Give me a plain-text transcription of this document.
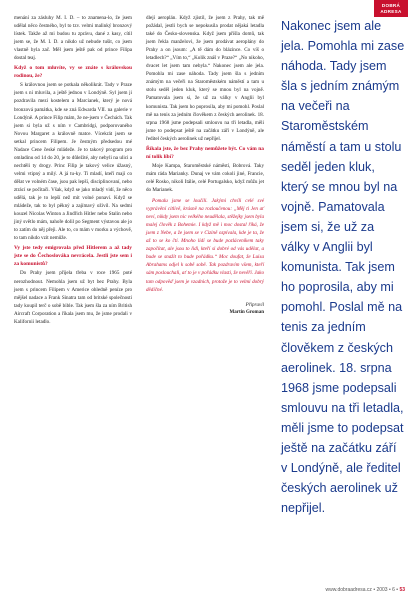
DOBRÁ
ADRESA

menání za zásluhy M. I. D. – to znamena-lo, že jsem udělal něco čestného, byl to tzv. velmi malinký bronzový lístek. Takže až mi budou tu zprávu, dané z kasy, cítil jsem se, že M. I. D. a nikdo už nebude tušit, co jsem vlastně byla zač. Měl jsem ještě pak od prince Filipa dostal teaj.

Když o tom mluvíte, vy se znáte s královskou rodinou, že?

S královnou jsem se potkala několikrát. Tady v Praze jsem s ní mluvila, a ještě jednou v Londýně. Syl jsem ji pozdravila mezi kostelem a Marcianek, který je nová bronzová památka, kde se zná Edwarda VII. na galerie v Londýně. A prince Filip mám, že ne-jsem v Čechách. Tak jsem si byla už s ním v Cambridgi, podporovaného Novou Margaret a královně matce. Vícekrát jsem se setkal princem Filipem. Je čestným předsedou mé Nadace Cene české mládeže. Je to takový program pro omladinu od 14 do 20, je to důležité, aby nebyli na ulici a nechtěli ty drogy. Princ Filip je takový velice úžasný, velmi vtipný a milý. A já tu-ky. Ti mladí, kteří mají co dělat ve volném čase, jsou pak lepší, disciplinovaní, nebo ztrácí se počítači. Však, když se jako mladý vidí, že něco udělá, tak je to lepší než mít volné ponaví. Když se mládeže, tak to byl pěkný a zajímavý oživil. Na sedmi kouzel Nicolas Winton a Jindřich Hitler nebo Stalin nebo jiný světlo mám, nahoře dolil po Segment výstavou ale jo to zatím do něj přeji. Ale to, co mám v morku a výchově, to tam nikdo vzít nemůže.

Vy jste tedy emigrovala před Hitlerem a až tady jste se do Čechoslováka nevrácela. Jestli jste sem i za komunistů?

Do Prahy jsem přijela třeba v roce 1965 poté nerozhodnout. Nemohla jsem už byt bez Prahy. Byla jsem s princem Filipem v Americe ohledně peníze pro mějšel nadace a Frank Sinatra tam od britské společnosti tady koupil terč o sobě bible. Tak jsem šla za ním British Aircraft Corporation a říkala jsem mu, že jsme prodali v Kalifornii letadlo.

dlejí aeroplán. Když zjistil, že jsem z Prahy, tak mě požádal, jestli bych se nepokusila prodat nějaká letadla také do Česko-slovenska. Když jsem přišla domů, tak jsem řekla manželovi, že jsem prodávat aeroplány do Prahy a on jsoum: „A tě dám do blázince. Co víš o letadlech?“ „Vím to,“ „Kolik znáš v Praze?“ „No nikoho, dvacet let jsem tam nebyla.“ Nakonec jsem ale jela. Pomohla mi zase náhoda. Tady jsem šla s jedním známým na večeři na Staroměstském náměstí a tam u stolu seděl jeden kluk, který se mnou byl na vojně. Pamatovala jsem si, že už za války v Anglii byl komunista. Tak jsem ho poprosila, aby mi pomohl. Poslal mě na tenis za jedním člověkem z českých aerolinek. 18. srpna 1968 jsme podepsali smlouvu na tři letadla, měli jsme to podepsat ještě na začátku září v Londýně, ale ředitel českých aerolinek už nepřijel.

Říkala jste, že bez Prahy nemůžete být. Co vám na ní tolik líbí?

Moje Kampa, Staroměstské náměstí, Bobrová. Taky mám ráda Marianky. Dunaj ve vám cokoli jiné, Francie, celé Rosko, nikoli Itálie, celé Portugalsko, když můžu jet do Marianek.

Pomalu jsme se loučili. Jakými chvíli celé své vyprávění citlivě, krásně na rozloučenou: „Měj ti Jen ať neví, nikdy jsem nic velkého neudělala, stěžejky jsem byla malej člověk z Bohemie. I když mě i moc dostal říká, že jsem z Nebe, a že jsem se v Cizině ozpívala, kde je ta, že až to se ko čti. Mnoho lidí se bude pozláceníkem taky započítat, ale jsou to lidi, kteří si dobré od vás udělat, a bude se snažit to bude pořádku.“ Moc doufat, že Luisa Abrahams odjel k sobě sobě. Tak pozdravím všem, kteří sám poslouchali, ať to je v pořádku vlasti, že nevěří. Jako tam odpověď jsem je vzadnich, protože je to velmi dobrý dědičné.

Připravil
Martin Groman

Nakonec jsem ale jela. Pomohla mi zase náhoda. Tady jsem šla s jedním známým na večeři na Staroměstském náměstí a tam u stolu seděl jeden kluk, který se mnou byl na vojně. Pamatovala jsem si, že už za války v Anglii byl komunista. Tak jsem ho poprosila, aby mi pomohl. Poslal mě na tenis za jedním člověkem z českých aerolinek. 18. srpna 1968 jsme podepsali smlouvu na tři letadla, měli jsme to podepsat ještě na začátku září v Londýně, ale ředitel českých aerolinek už nepřijel.

www.dobraadresa.cz • 2003 • 6 • 53
